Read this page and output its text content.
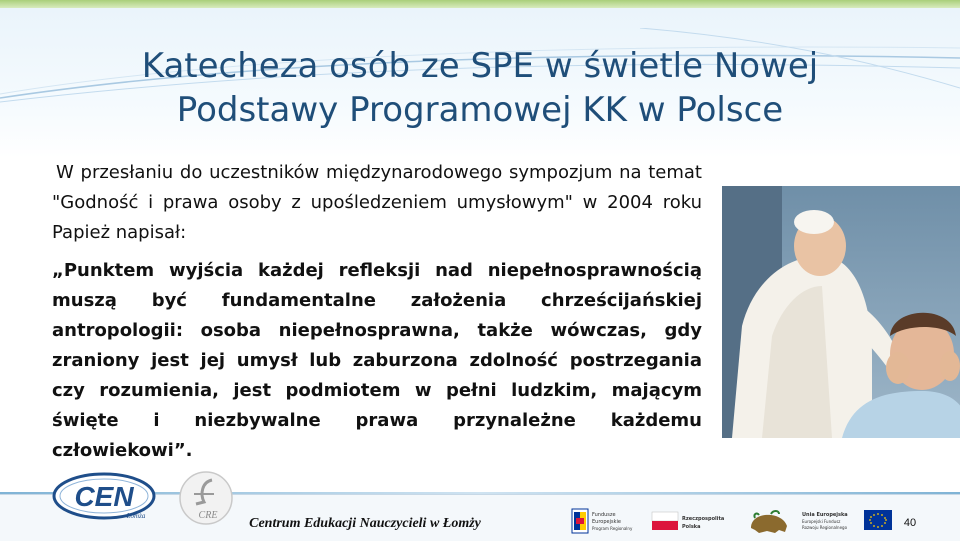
Katecheza osób ze SPE w świetle Nowej
Podstawy Programowej KK w Polsce

W przesłaniu do uczestników międzynarodowego sympozjum na temat "Godność i prawa osoby z upośledzeniem umysłowym" w 2004 roku Papież napisał:

„Punktem wyjścia każdej refleksji nad niepełnosprawnością muszą być fundamentalne założenia chrześcijańskiej antropologii: osoba niepełnosprawna, także wówczas, gdy zraniony jest jej umysł lub zaburzona zdolność postrzegania czy rozumienia, jest podmiotem w pełni ludzkim, mającym święte i niezbywalne prawa przynależne każdemu człowiekowi”.

CEN
Łomża	CRE
Centrum Edukacji Nauczycieli w Łomży
Fundusze
Europejskie
Program Regionalny
Rzeczpospolita
Polska
Unia Europejska
Europejski Fundusz
Rozwoju Regionalnego	40
